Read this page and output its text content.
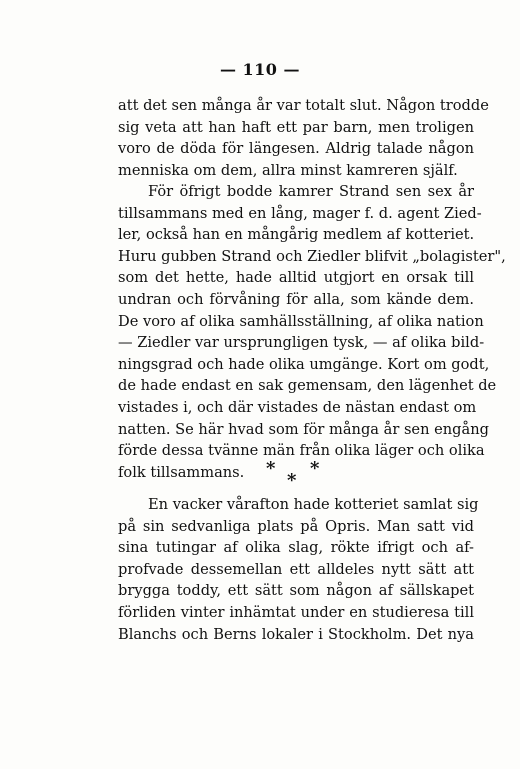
— 110 —
att det sen många år var totalt slut. Någon trodde
sig veta att han haft ett par barn, men troligen
voro de döda för längesen. Aldrig talade någon
menniska om dem, allra minst kamreren själf.
För öfrigt bodde kamrer Strand sen sex år
tillsammans med en lång, mager f. d. agent Zied-
ler, också han en mångårig medlem af kotteriet.
Huru gubben Strand och Ziedler blifvit „bolagister",
som det hette, hade alltid utgjort en orsak till
undran och förvåning för alla, som kände dem.
De voro af olika samhällsställning, af olika nation
— Ziedler var ursprungligen tysk, — af olika bild-
ningsgrad och hade olika umgänge. Kort om godt,
de hade endast en sak gemensam, den lägenhet de
vistades i, och där vistades de nästan endast om
natten. Se här hvad som för många år sen engång
förde dessa tvänne män från olika läger och olika
folk tillsammans.	*
*
*
En vacker vårafton hade kotteriet samlat sig
på sin sedvanliga plats på Opris. Man satt vid
sina tutingar af olika slag, rökte ifrigt och af-
profvade dessemellan ett alldeles nytt sätt att
brygga toddy, ett sätt som någon af sällskapet
förliden vinter inhämtat under en studieresa till
Blanchs och Berns lokaler i Stockholm. Det nya
